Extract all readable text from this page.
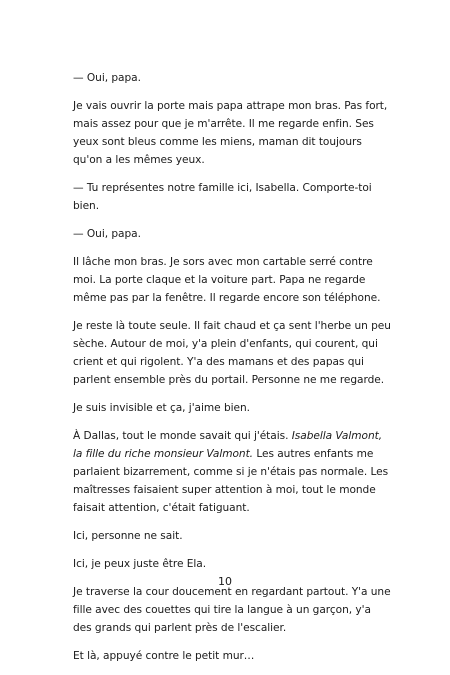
— Oui, papa.

Je vais ouvrir la porte mais papa attrape mon bras. Pas fort, mais assez pour que je m'arrête. Il me regarde enfin. Ses yeux sont bleus comme les miens, maman dit toujours qu'on a les mêmes yeux.

— Tu représentes notre famille ici, Isabella. Comporte-toi bien.

— Oui, papa.

Il lâche mon bras. Je sors avec mon cartable serré contre moi. La porte claque et la voiture part. Papa ne regarde même pas par la fenêtre. Il regarde encore son téléphone.

Je reste là toute seule. Il fait chaud et ça sent l'herbe un peu sèche. Autour de moi, y'a plein d'enfants, qui courent, qui crient et qui rigolent. Y'a des mamans et des papas qui parlent ensemble près du portail. Personne ne me regarde.

Je suis invisible et ça, j'aime bien.

À Dallas, tout le monde savait qui j'étais. Isabella Valmont, la fille du riche monsieur Valmont. Les autres enfants me parlaient bizarrement, comme si je n'étais pas normale. Les maîtresses faisaient super attention à moi, tout le monde faisait attention, c'était fatiguant.

Ici, personne ne sait.

Ici, je peux juste être Ela.

Je traverse la cour doucement en regardant partout. Y'a une fille avec des couettes qui tire la langue à un garçon, y'a des grands qui parlent près de l'escalier.

Et là, appuyé contre le petit mur…

10
